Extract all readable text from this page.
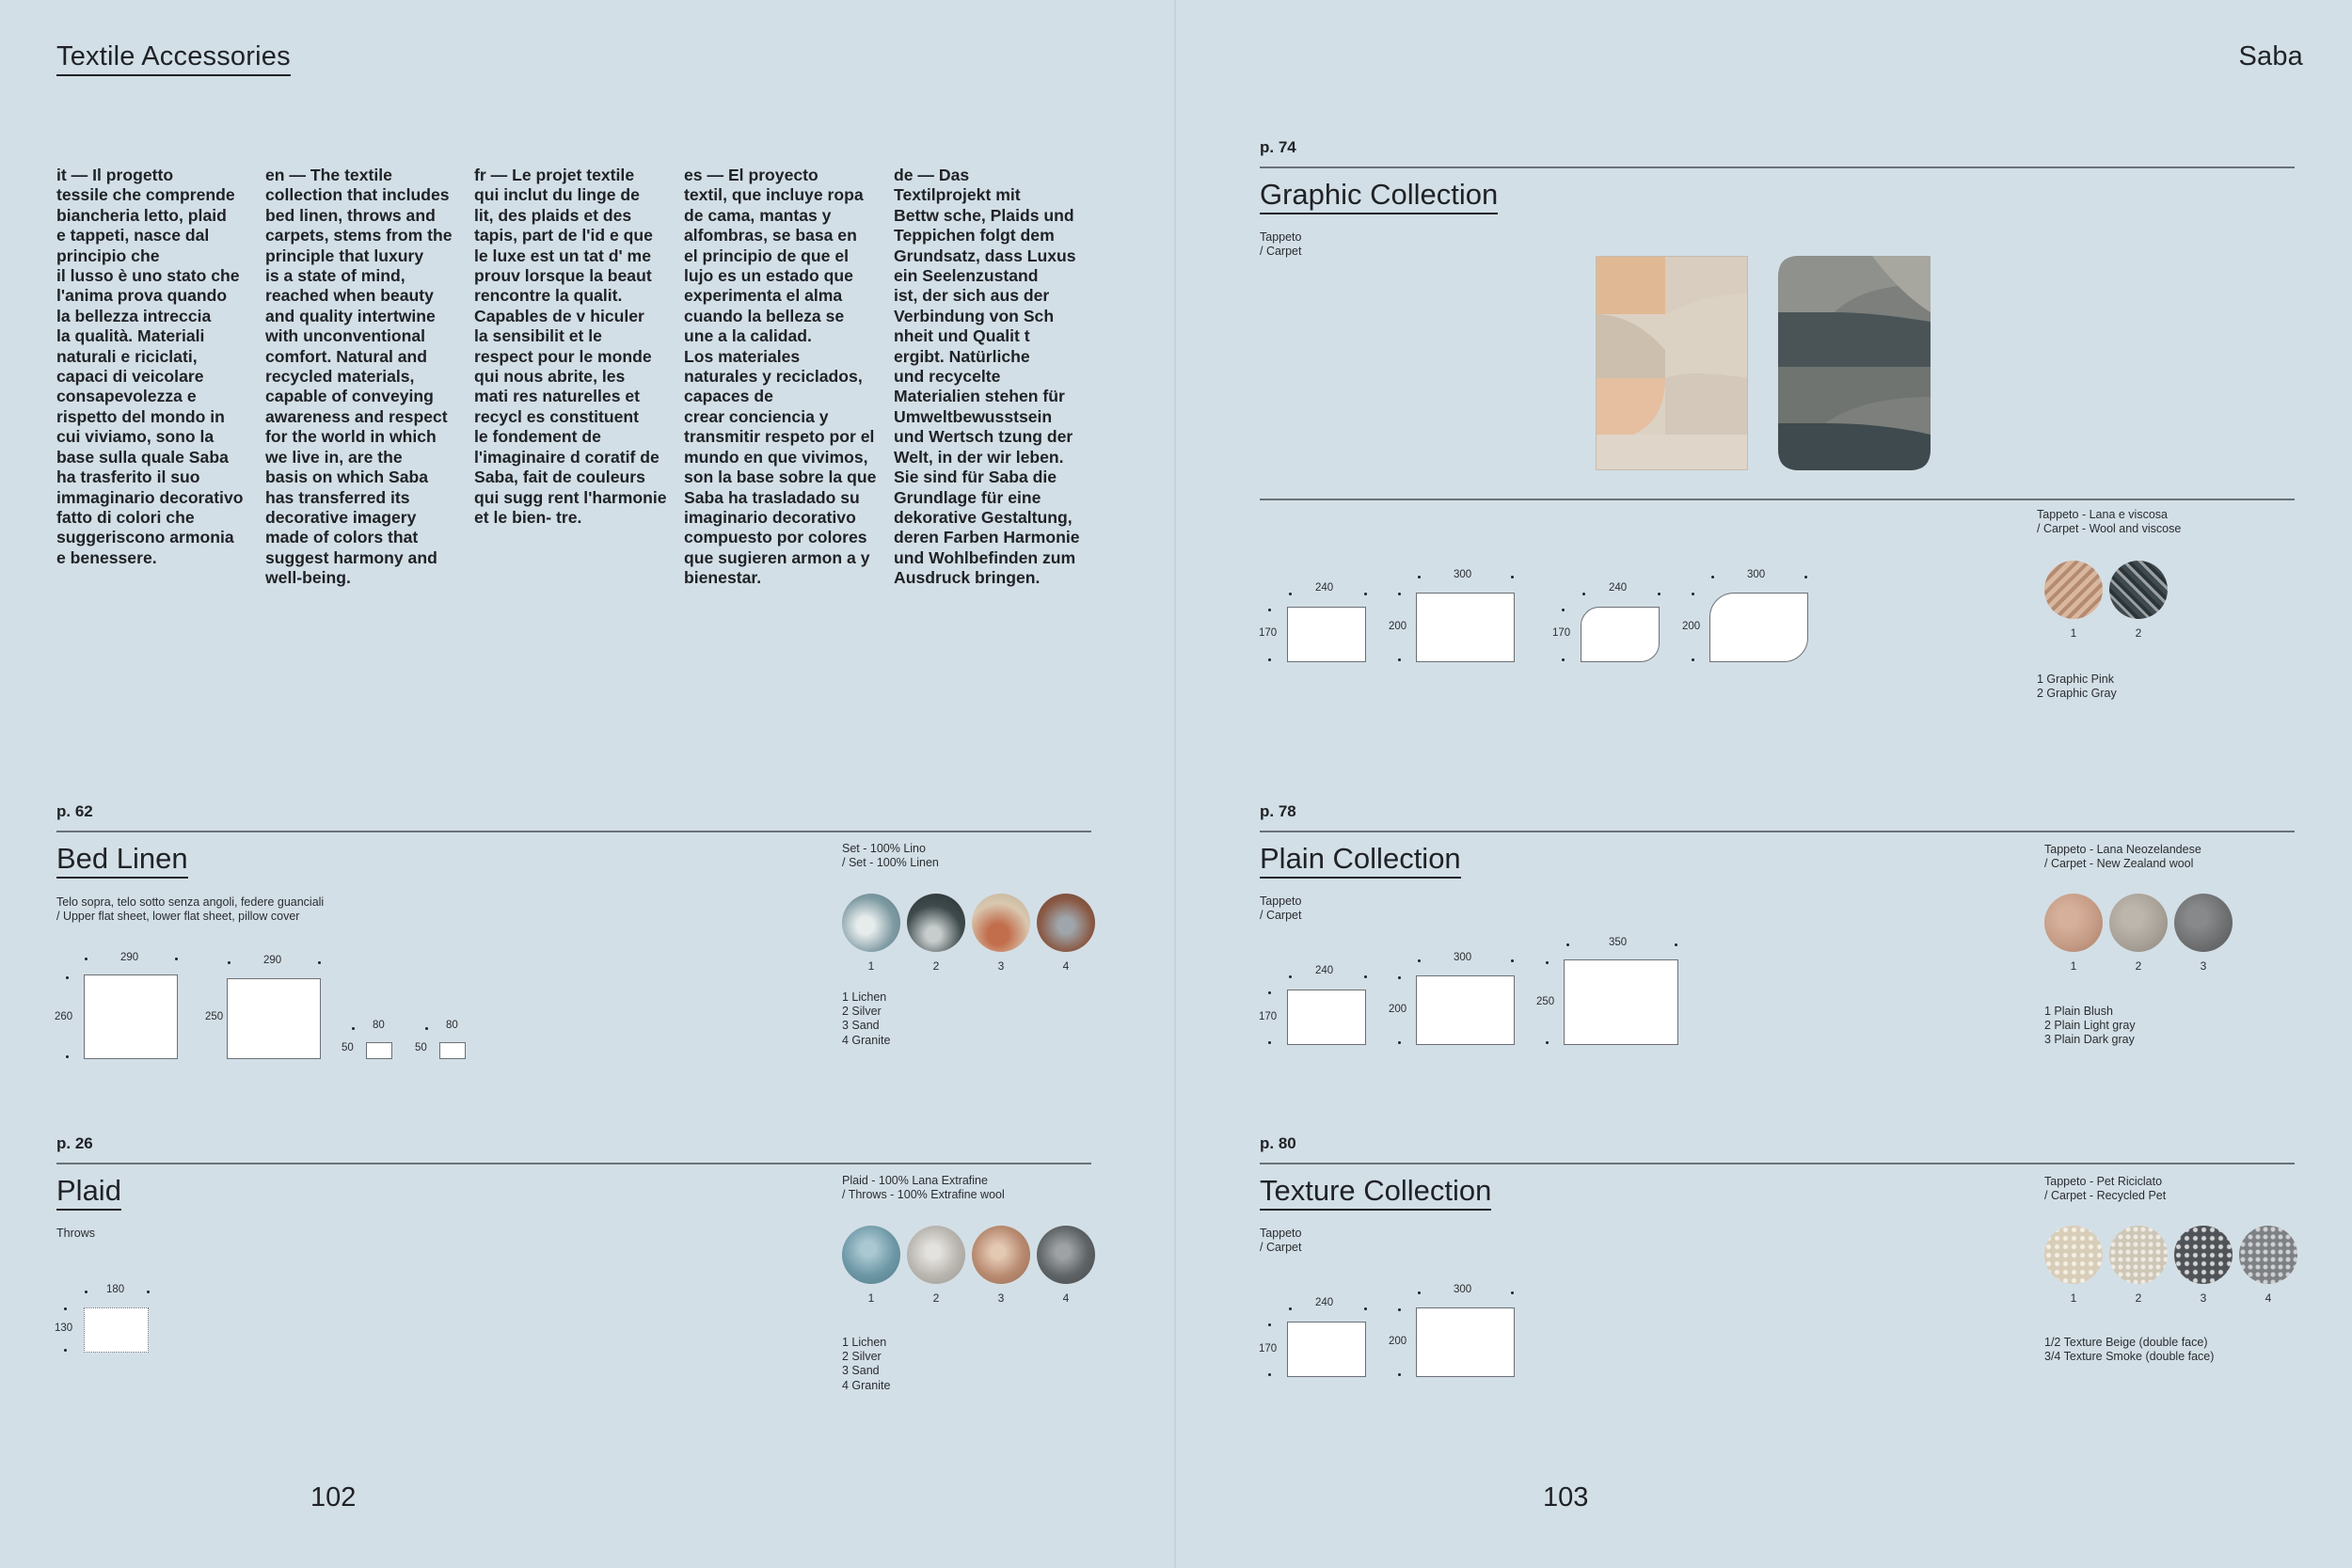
Textile Accessories
it — Il progetto
tessile che comprende
biancheria letto, plaid
e tappeti, nasce dal
principio che
il lusso è uno stato che
l'anima prova quando
la bellezza intreccia
la qualità. Materiali
naturali e riciclati,
capaci di veicolare
consapevolezza e
rispetto del mondo in
cui viviamo, sono la
base sulla quale Saba
ha trasferito il suo
immaginario decorativo
fatto di colori che
suggeriscono armonia
e benessere.
en — The textile
collection that includes
bed linen, throws and
carpets, stems from the
principle that luxury
is a state of mind,
reached when beauty
and quality intertwine
with unconventional
comfort. Natural and
recycled materials,
capable of conveying
awareness and respect
for the world in which
we live in, are the
basis on which Saba
has transferred its
decorative imagery
made of colors that
suggest harmony and
well-being.
fr — Le projet textile
qui inclut du linge de
lit, des plaids et des
tapis, part de l'id e que
le luxe est un tat d' me
prouv lorsque la beaut
rencontre la qualit.
Capables de v hiculer
la sensibilit et le
respect pour le monde
qui nous abrite, les
mati res naturelles et
recycl es constituent
le fondement de
l'imaginaire d coratif de
Saba, fait de couleurs
qui sugg rent l'harmonie
et le bien- tre.
es — El proyecto
textil, que incluye ropa
de cama, mantas y
alfombras, se basa en
el principio de que el
lujo es un estado que
experimenta el alma
cuando la belleza se
une a la calidad.
Los materiales
naturales y reciclados,
capaces de
crear conciencia y
transmitir respeto por el
mundo en que vivimos,
son la base sobre la que
Saba ha trasladado su
imaginario decorativo
compuesto por colores
que sugieren armon a y
bienestar.
de — Das
Textilprojekt mit
Bettw sche, Plaids und
Teppichen folgt dem
Grundsatz, dass Luxus
ein Seelenzustand
ist, der sich aus der
Verbindung von Sch
nheit und Qualit t
ergibt. Natürliche
und recycelte
Materialien stehen für
Umweltbewusstsein
und Wertsch tzung der
Welt, in der wir leben.
Sie sind für Saba die
Grundlage für eine
dekorative Gestaltung,
deren Farben Harmonie
und Wohlbefinden zum
Ausdruck bringen.
p. 62
Bed Linen
Telo sopra, telo sotto senza angoli, federe guanciali
/ Upper flat sheet, lower flat sheet, pillow cover
290
260
290
250
80
50
80
50
Set - 100% Lino
/ Set - 100% Linen
1	2	3	4
1 Lichen
2 Silver
3 Sand
4 Granite
p. 26
Plaid
Throws
180
130
Plaid - 100% Lana Extrafine
/ Throws - 100% Extrafine wool
1	2	3	4
1 Lichen
2 Silver
3 Sand
4 Granite
102
Saba
p. 74
Graphic Collection
Tappeto
/ Carpet
240
170
300
200
240
170
300
200
Tappeto - Lana e viscosa
/ Carpet - Wool and viscose
1	2
1 Graphic Pink
2 Graphic Gray
p. 78
Plain Collection
Tappeto
/ Carpet
240
170
300
200
350
250
Tappeto - Lana Neozelandese
/ Carpet - New Zealand wool
1	2	3
1 Plain Blush
2 Plain Light gray
3 Plain Dark gray
p. 80
Texture Collection
Tappeto
/ Carpet
240
170
300
200
Tappeto - Pet Riciclato
/ Carpet - Recycled Pet
1	2	3	4
1/2 Texture Beige (double face)
3/4 Texture Smoke (double face)
103
